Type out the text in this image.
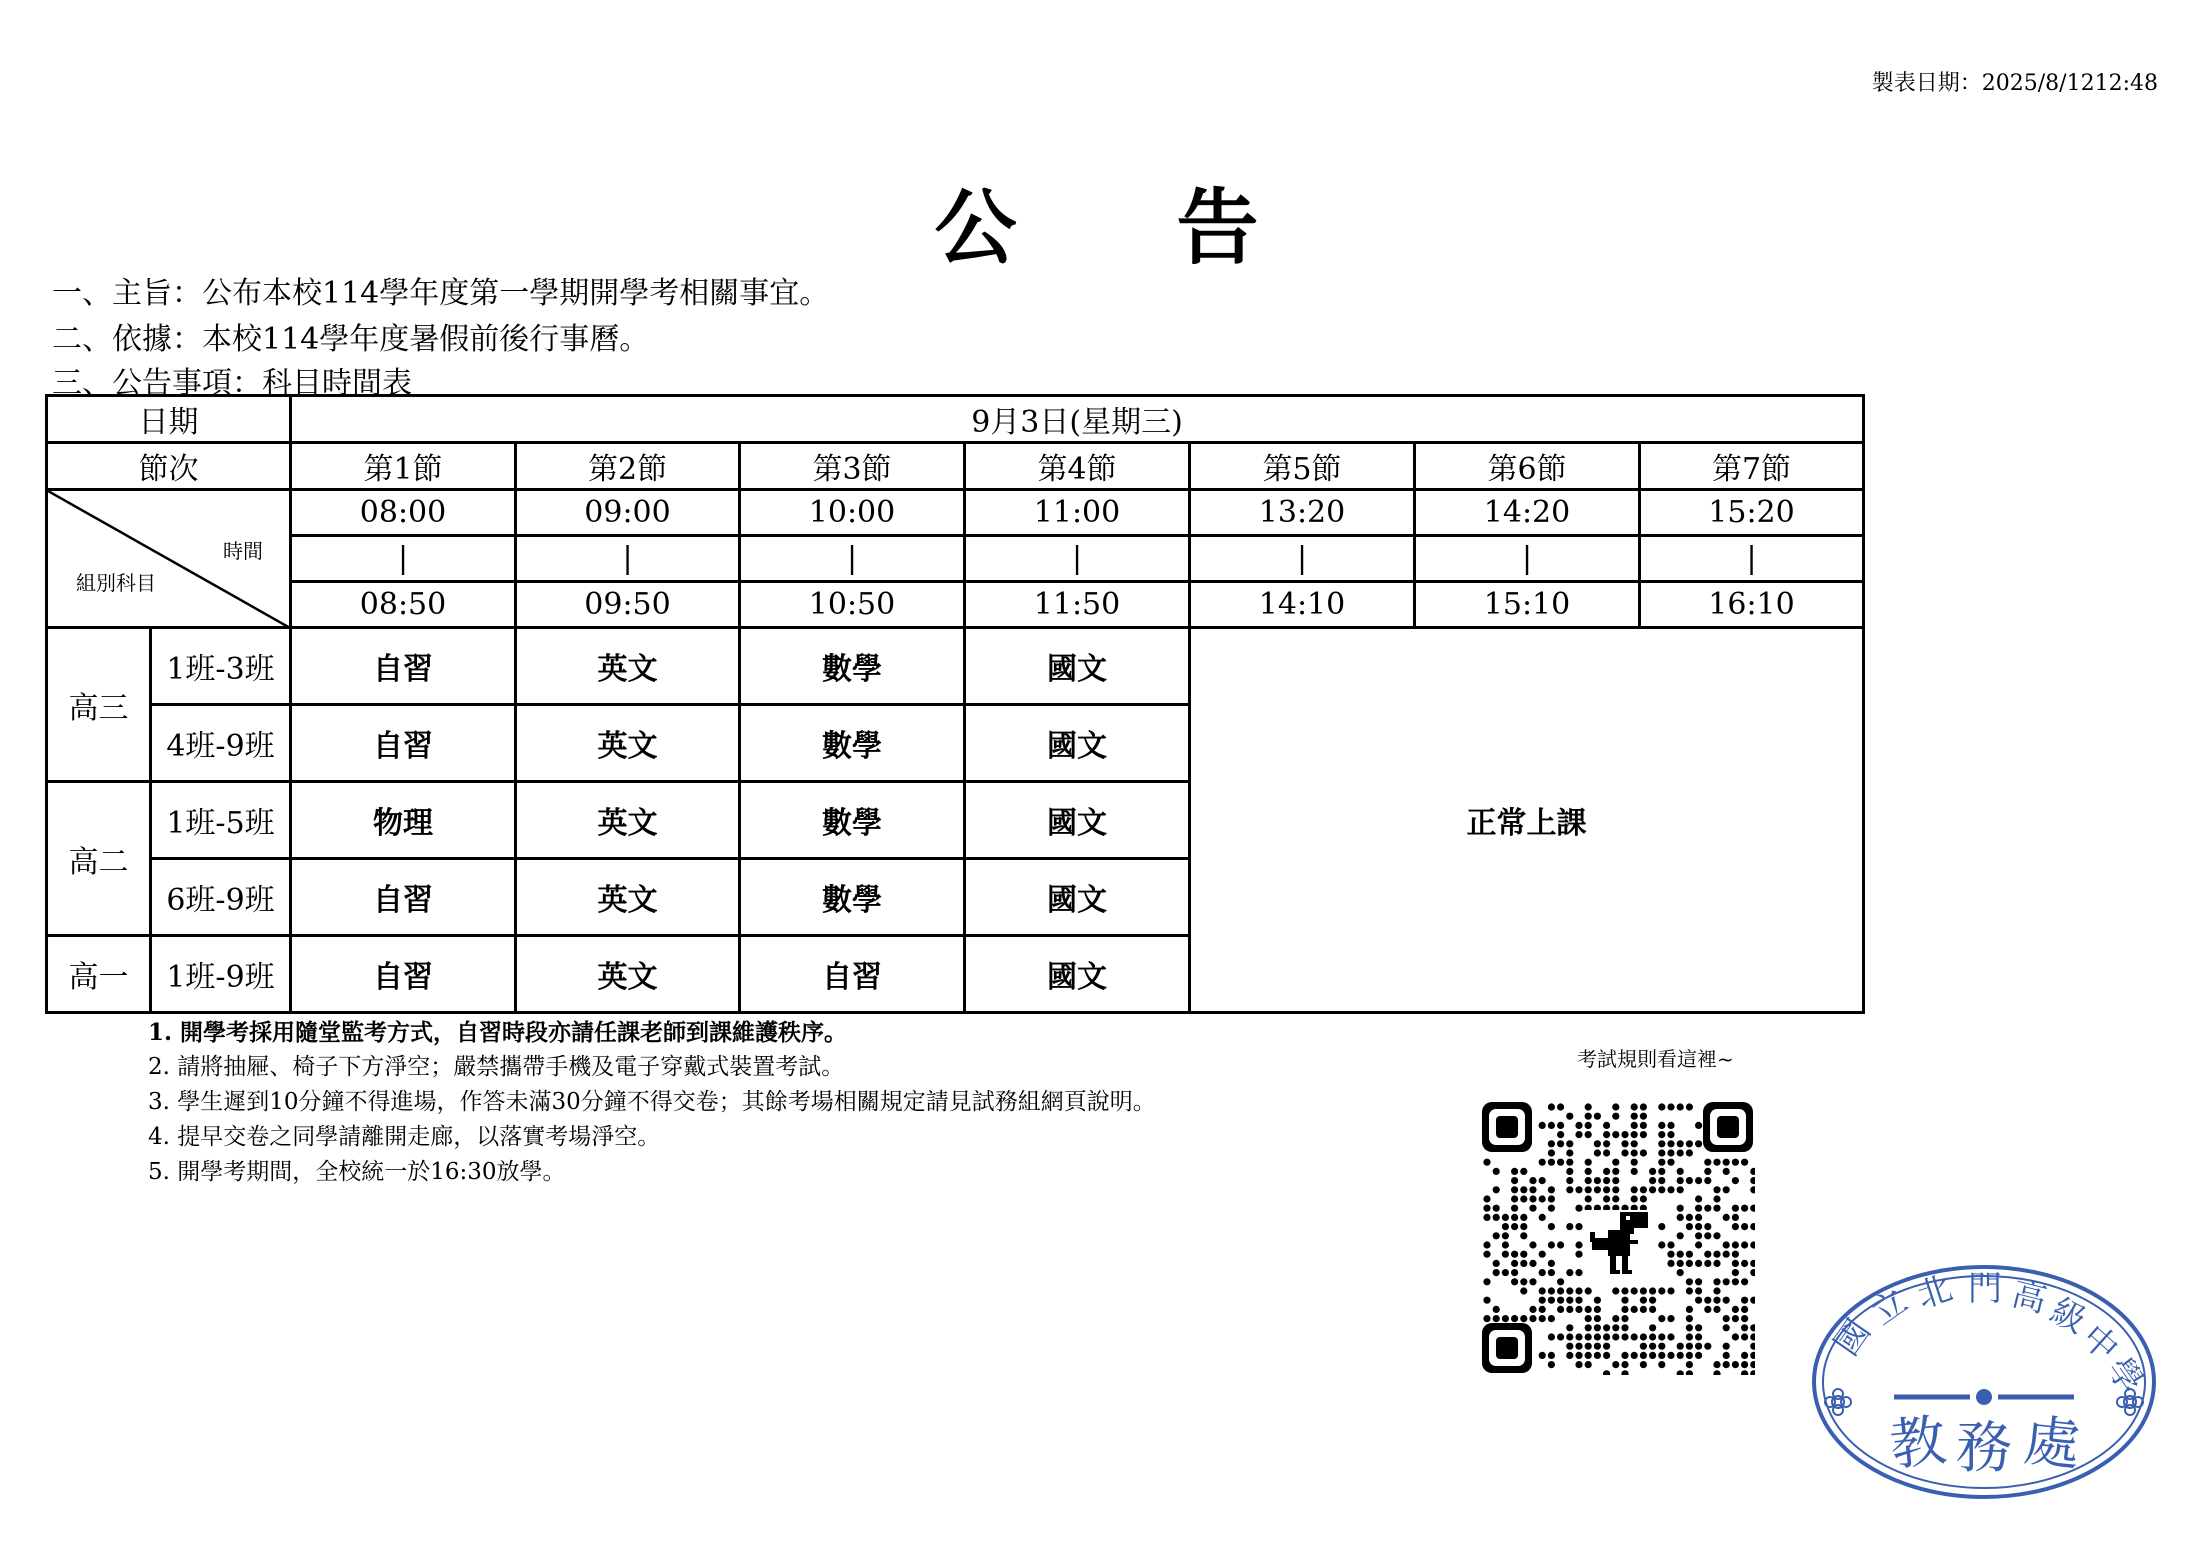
製表日期：2025/8/1212:48
公告
一、主旨：公布本校114學年度第一學期開學考相關事宜。
二、依據：本校114學年度暑假前後行事曆。
三、公告事項：科目時間表
日期		9月3日(星期三)						
節次		第1節	第2節	第3節	第4節	第5節	第6節	第7節

時間
組別科目		08:00	09:00	10:00	11:00	13:20	14:20	15:20
		|	|	|	|	|	|	|
		08:50	09:50	10:50	11:50	14:10	15:10	16:10
高三	1班-3班	自習	英文	數學	國文	正常上課		
	4班-9班	自習	英文	數學	國文			
高二	1班-5班	物理	英文	數學	國文			
	6班-9班	自習	英文	數學	國文			
高一	1班-9班	自習	英文	自習	國文			
1. 開學考採用隨堂監考方式，自習時段亦請任課老師到課維護秩序。
2. 請將抽屜、椅子下方淨空；嚴禁攜帶手機及電子穿戴式裝置考試。
3. 學生遲到10分鐘不得進場，作答未滿30分鐘不得交卷；其餘考場相關規定請見試務組網頁說明。
4. 提早交卷之同學請離開走廊，以落實考場淨空。
5. 開學考期間，全校統一於16:30放學。
考試規則看這裡~
國
立
北 門 高
級
中
學
教 務 處
